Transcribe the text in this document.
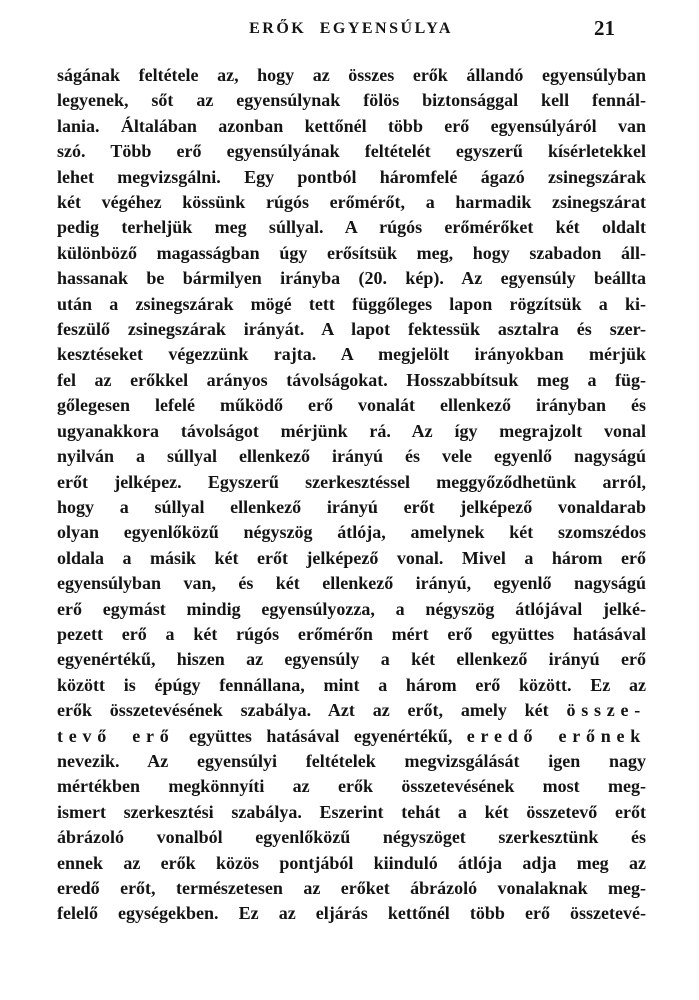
ERŐK EGYENSÚLYA	21
ságának feltétele az, hogy az összes erők állandó egyensúlyban
legyenek, sőt az egyensúlynak fölös biztonsággal kell fennál-
lania. Általában azonban kettőnél több erő egyensúlyáról van
szó. Több erő egyensúlyának feltételét egyszerű kísérletekkel
lehet megvizsgálni. Egy pontból háromfelé ágazó zsinegszárak
két végéhez kössünk rúgós erőmérőt, a harmadik zsinegszárat
pedig terheljük meg súllyal. A rúgós erőmérőket két oldalt
különböző magasságban úgy erősítsük meg, hogy szabadon áll-
hassanak be bármilyen irányba (20. kép). Az egyensúly beállta
után a zsinegszárak mögé tett függőleges lapon rögzítsük a ki-
feszülő zsinegszárak irányát. A lapot fektessük asztalra és szer-
kesztéseket végezzünk rajta. A megjelölt irányokban mérjük
fel az erőkkel arányos távolságokat. Hosszabbítsuk meg a füg-
gőlegesen lefelé működő erő vonalát ellenkező irányban és
ugyanakkora távolságot mérjünk rá. Az így megrajzolt vonal
nyilván a súllyal ellenkező irányú és vele egyenlő nagyságú
erőt jelképez. Egyszerű szerkesztéssel meggyőződhetünk arról,
hogy a súllyal ellenkező irányú erőt jelképező vonaldarab
olyan egyenlőközű négyszög átlója, amelynek két szomszédos
oldala a másik két erőt jelképező vonal. Mivel a három erő
egyensúlyban van, és két ellenkező irányú, egyenlő nagyságú
erő egymást mindig egyensúlyozza, a négyszög átlójával jelké-
pezett erő a két rúgós erőmérőn mért erő együttes hatásával
egyenértékű, hiszen az egyensúly a két ellenkező irányú erő
között is épúgy fennállana, mint a három erő között. Ez az
erők összetevésének szabálya. Azt az erőt, amely két össze-
tevő erő együttes hatásával egyenértékű, eredő erőnek
nevezik. Az egyensúlyi feltételek megvizsgálását igen nagy
mértékben megkönnyíti az erők összetevésének most meg-
ismert szerkesztési szabálya. Eszerint tehát a két összetevő erőt
ábrázoló vonalból egyenlőközű négyszöget szerkesztünk és
ennek az erők közös pontjából kiinduló átlója adja meg az
eredő erőt, természetesen az erőket ábrázoló vonalaknak meg-
felelő egységekben. Ez az eljárás kettőnél több erő összetevé-
